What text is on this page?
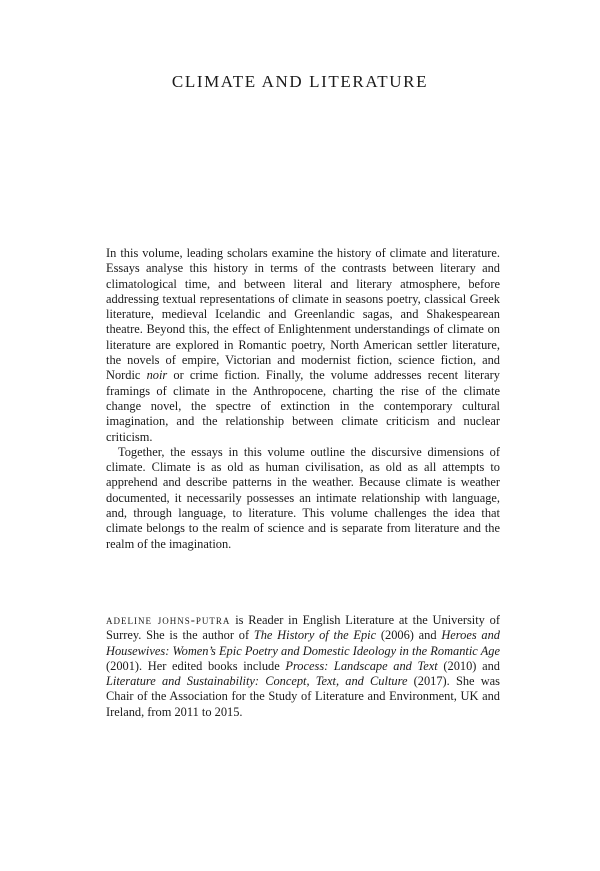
CLIMATE AND LITERATURE

In this volume, leading scholars examine the history of climate and literature. Essays analyse this history in terms of the contrasts between literary and climatological time, and between literal and literary atmosphere, before addressing textual representations of climate in seasons poetry, classical Greek literature, medieval Icelandic and Greenlandic sagas, and Shakespearean theatre. Beyond this, the effect of Enlightenment understandings of climate on literature are explored in Romantic poetry, North American settler literature, the novels of empire, Victorian and modernist fiction, science fiction, and Nordic noir or crime fiction. Finally, the volume addresses recent literary framings of climate in the Anthropocene, charting the rise of the climate change novel, the spectre of extinction in the contemporary cultural imagination, and the relationship between climate criticism and nuclear criticism.

Together, the essays in this volume outline the discursive dimensions of climate. Climate is as old as human civilisation, as old as all attempts to apprehend and describe patterns in the weather. Because climate is weather documented, it necessarily possesses an intimate relationship with language, and, through language, to literature. This volume challenges the idea that climate belongs to the realm of science and is separate from literature and the realm of the imagination.

adeline johns-putra is Reader in English Literature at the University of Surrey. She is the author of The History of the Epic (2006) and Heroes and Housewives: Women’s Epic Poetry and Domestic Ideology in the Romantic Age (2001). Her edited books include Process: Landscape and Text (2010) and Literature and Sustainability: Concept, Text, and Culture (2017). She was Chair of the Association for the Study of Literature and Environment, UK and Ireland, from 2011 to 2015.
